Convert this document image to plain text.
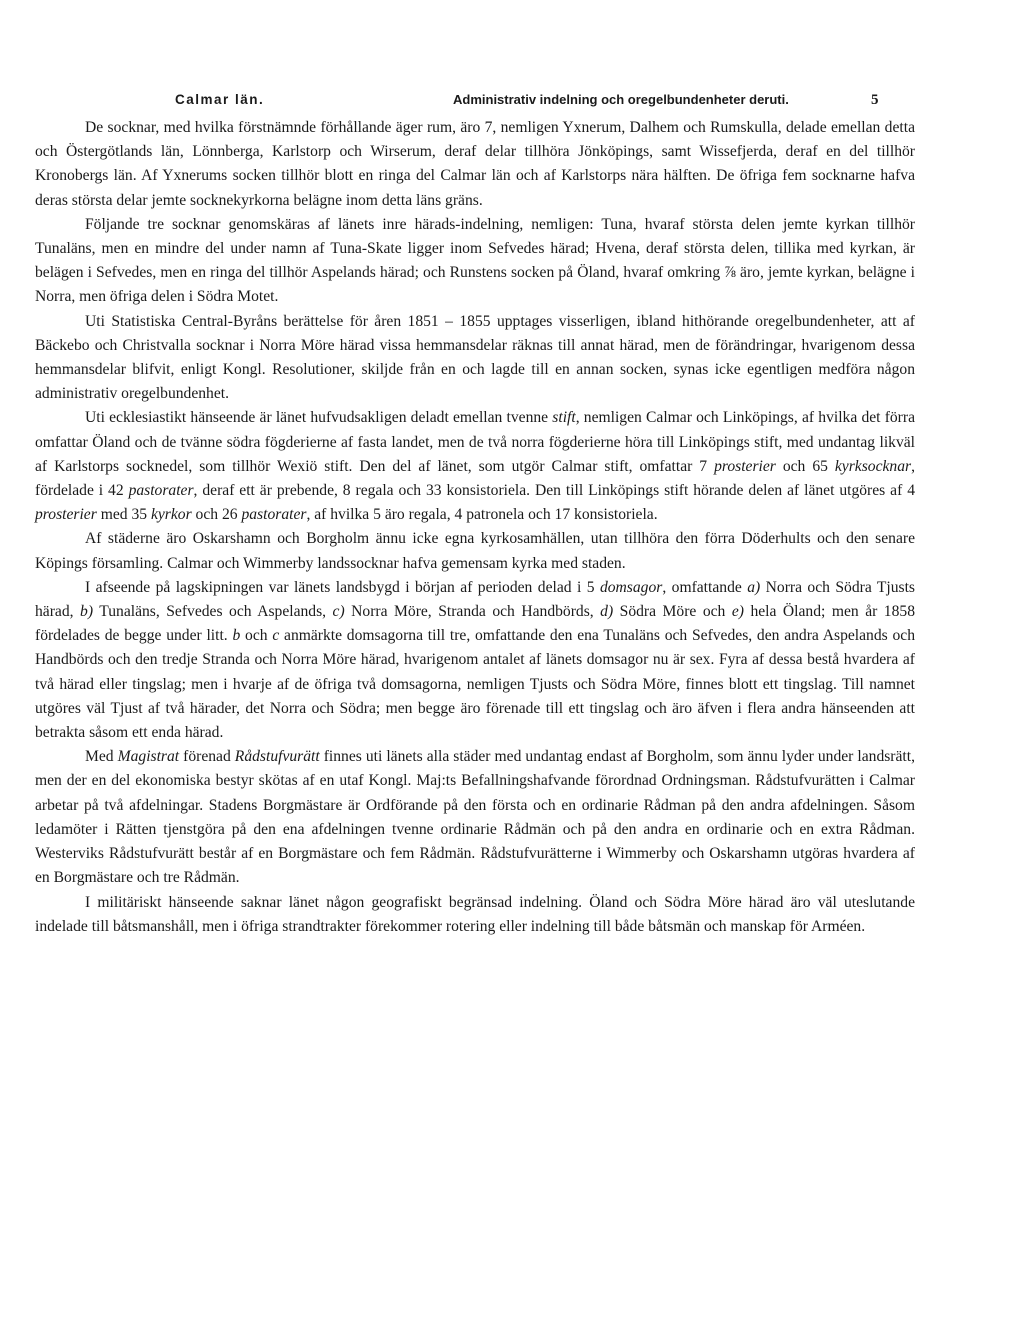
Calmar län.	Administrativ indelning och oregelbundenheter deruti.	5

De socknar, med hvilka förstnämnde förhållande äger rum, äro 7, nemligen Yxnerum, Dalhem och Rumskulla, delade emellan detta och Östergötlands län, Lönnberga, Karlstorp och Wirserum, deraf delar tillhöra Jönköpings, samt Wissefjerda, deraf en del tillhör Kronobergs län. Af Yxnerums socken tillhör blott en ringa del Calmar län och af Karlstorps nära hälften. De öfriga fem socknarne hafva deras största delar jemte socknekyrkorna belägne inom detta läns gräns.

Följande tre socknar genomskäras af länets inre härads-indelning, nemligen: Tuna, hvaraf största delen jemte kyrkan tillhör Tunaläns, men en mindre del under namn af Tuna-Skate ligger inom Sefvedes härad; Hvena, deraf största delen, tillika med kyrkan, är belägen i Sefvedes, men en ringa del tillhör Aspelands härad; och Runstens socken på Öland, hvaraf omkring ⅞ äro, jemte kyrkan, belägne i Norra, men öfriga delen i Södra Motet.

Uti Statistiska Central-Byråns berättelse för åren 1851 – 1855 upptages visserligen, ibland hithörande oregelbundenheter, att af Bäckebo och Christvalla socknar i Norra Möre härad vissa hemmansdelar räknas till annat härad, men de förändringar, hvarigenom dessa hemmansdelar blifvit, enligt Kongl. Resolutioner, skiljde från en och lagde till en annan socken, synas icke egentligen medföra någon administrativ oregelbundenhet.

Uti ecklesiastikt hänseende är länet hufvudsakligen deladt emellan tvenne stift, nemligen Calmar och Linköpings, af hvilka det förra omfattar Öland och de tvänne södra fögderierne af fasta landet, men de två norra fögderierne höra till Linköpings stift, med undantag likväl af Karlstorps socknedel, som tillhör Wexiö stift. Den del af länet, som utgör Calmar stift, omfattar 7 prosterier och 65 kyrksocknar, fördelade i 42 pastorater, deraf ett är prebende, 8 regala och 33 konsistoriela. Den till Linköpings stift hörande delen af länet utgöres af 4 prosterier med 35 kyrkor och 26 pastorater, af hvilka 5 äro regala, 4 patronela och 17 konsistoriela.

Af städerne äro Oskarshamn och Borgholm ännu icke egna kyrkosamhällen, utan tillhöra den förra Döderhults och den senare Köpings församling. Calmar och Wimmerby landssocknar hafva gemensam kyrka med staden.

I afseende på lagskipningen var länets landsbygd i början af perioden delad i 5 domsagor, omfattande a) Norra och Södra Tjusts härad, b) Tunaläns, Sefvedes och Aspelands, c) Norra Möre, Stranda och Handbörds, d) Södra Möre och e) hela Öland; men år 1858 fördelades de begge under litt. b och c anmärkte domsagorna till tre, omfattande den ena Tunaläns och Sefvedes, den andra Aspelands och Handbörds och den tredje Stranda och Norra Möre härad, hvarigenom antalet af länets domsagor nu är sex. Fyra af dessa bestå hvardera af två härad eller tingslag; men i hvarje af de öfriga två domsagorna, nemligen Tjusts och Södra Möre, finnes blott ett tingslag. Till namnet utgöres väl Tjust af två härader, det Norra och Södra; men begge äro förenade till ett tingslag och äro äfven i flera andra hänseenden att betrakta såsom ett enda härad.

Med Magistrat förenad Rådstufvurätt finnes uti länets alla städer med undantag endast af Borgholm, som ännu lyder under landsrätt, men der en del ekonomiska bestyr skötas af en utaf Kongl. Maj:ts Befallningshafvande förordnad Ordningsman. Rådstufvurätten i Calmar arbetar på två afdelningar. Stadens Borgmästare är Ordförande på den första och en ordinarie Rådman på den andra afdelningen. Såsom ledamöter i Rätten tjenstgöra på den ena afdelningen tvenne ordinarie Rådmän och på den andra en ordinarie och en extra Rådman. Westerviks Rådstufvurätt består af en Borgmästare och fem Rådmän. Rådstufvurätterne i Wimmerby och Oskarshamn utgöras hvardera af en Borgmästare och tre Rådmän.

I militäriskt hänseende saknar länet någon geografiskt begränsad indelning. Öland och Södra Möre härad äro väl uteslutande indelade till båtsmanshåll, men i öfriga strandtrakter förekommer rotering eller indelning till både båtsmän och manskap för Arméen.
